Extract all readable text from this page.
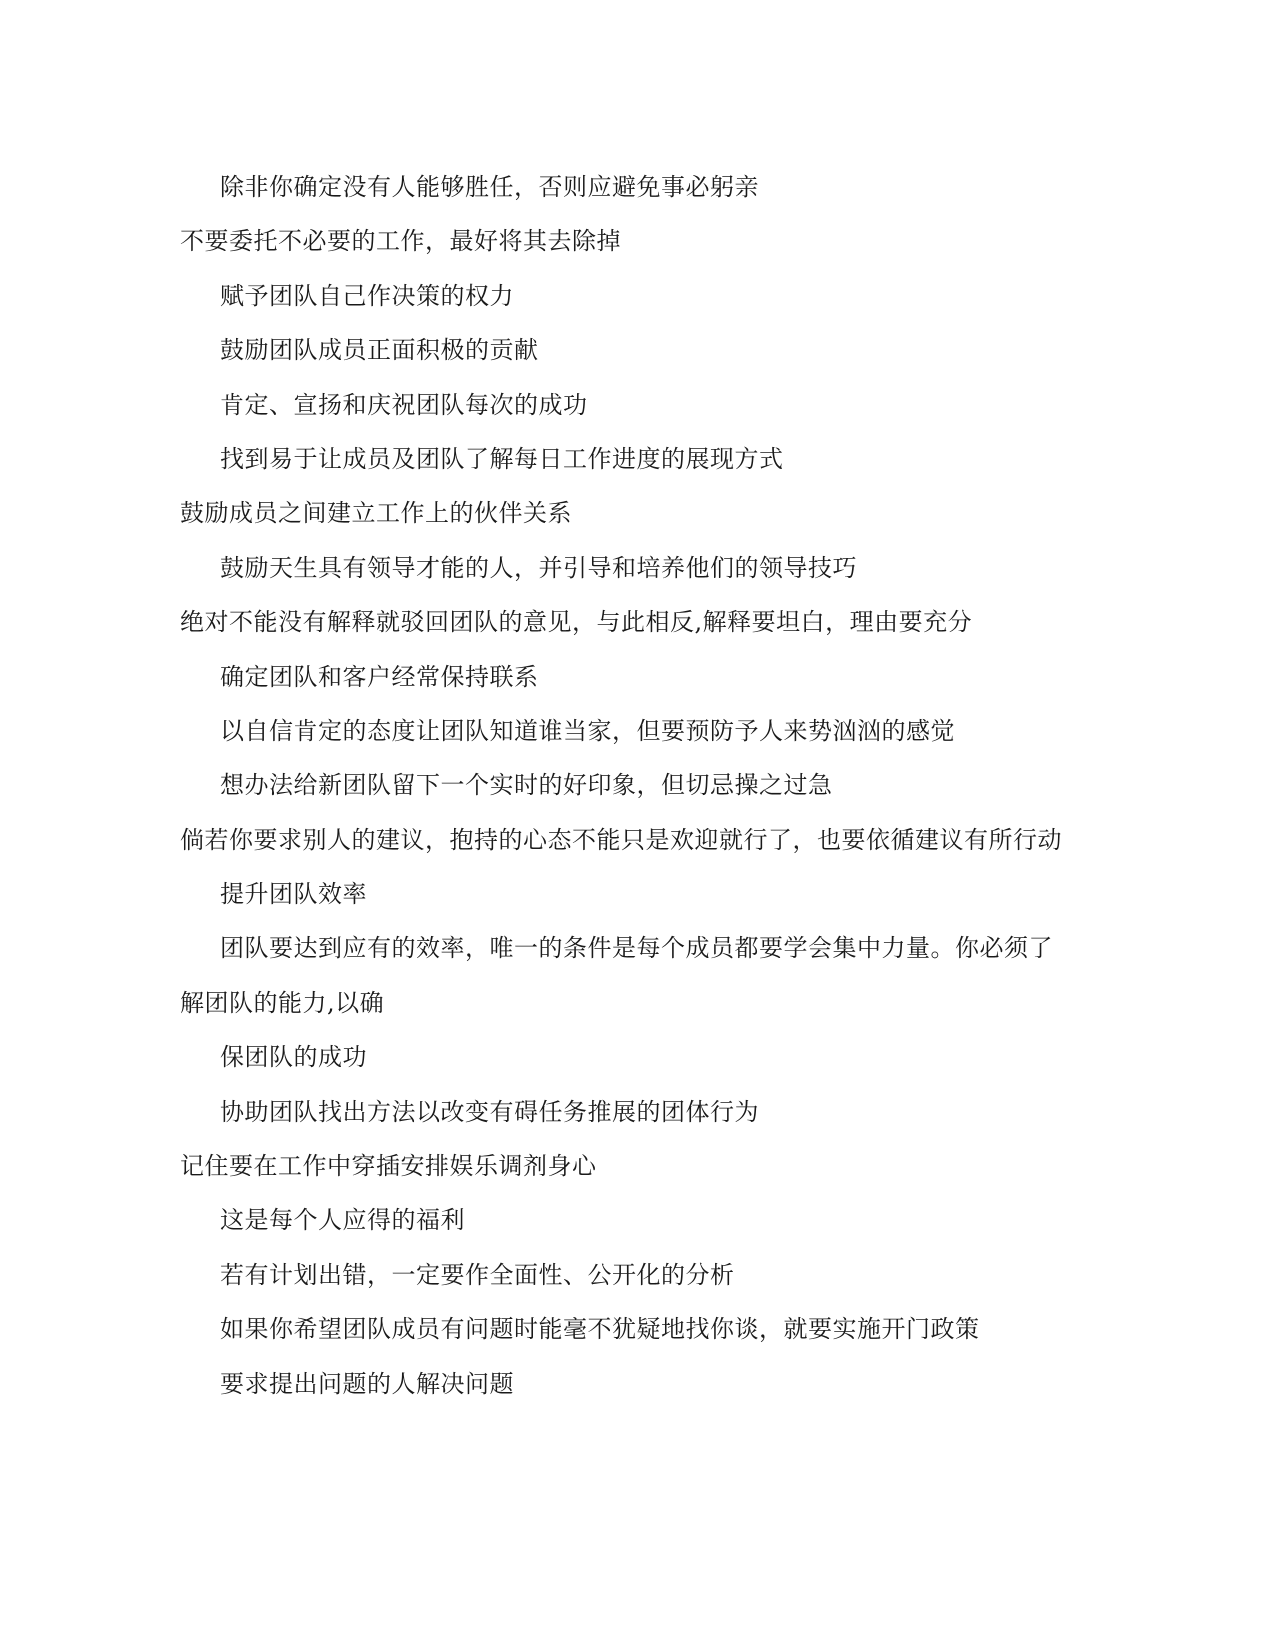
除非你确定没有人能够胜任，否则应避免事必躬亲
不要委托不必要的工作，最好将其去除掉
赋予团队自己作决策的权力
鼓励团队成员正面积极的贡献
肯定、宣扬和庆祝团队每次的成功
找到易于让成员及团队了解每日工作进度的展现方式
鼓励成员之间建立工作上的伙伴关系
鼓励天生具有领导才能的人，并引导和培养他们的领导技巧
绝对不能没有解释就驳回团队的意见，与此相反,解释要坦白，理由要充分
确定团队和客户经常保持联系
以自信肯定的态度让团队知道谁当家，但要预防予人来势汹汹的感觉
想办法给新团队留下一个实时的好印象，但切忌操之过急
倘若你要求别人的建议，抱持的心态不能只是欢迎就行了，也要依循建议有所行动
提升团队效率
团队要达到应有的效率，唯一的条件是每个成员都要学会集中力量。你必须了
解团队的能力,以确
保团队的成功
协助团队找出方法以改变有碍任务推展的团体行为
记住要在工作中穿插安排娱乐调剂身心
这是每个人应得的福利
若有计划出错，一定要作全面性、公开化的分析
如果你希望团队成员有问题时能毫不犹疑地找你谈，就要实施开门政策
要求提出问题的人解决问题
